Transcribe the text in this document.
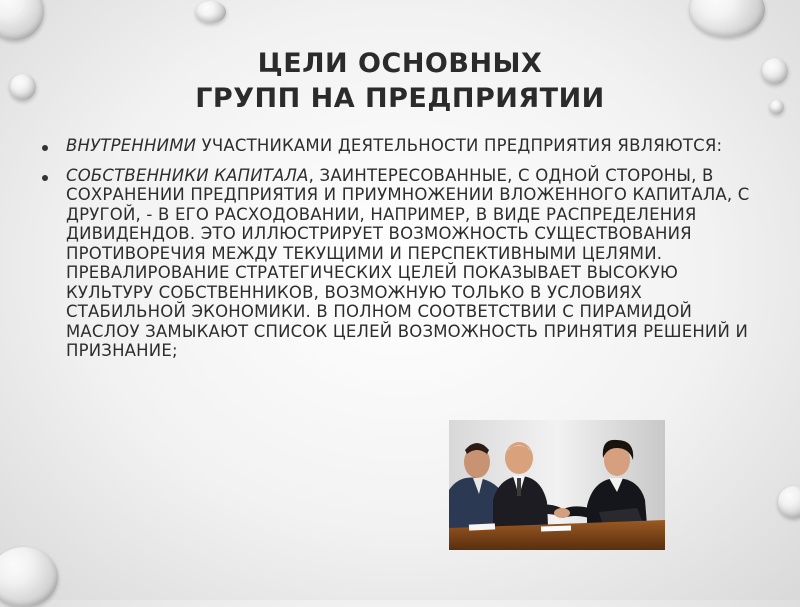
ЦЕЛИ ОСНОВНЫХ
ГРУПП НА ПРЕДПРИЯТИИ

ВНУТРЕННИМИ УЧАСТНИКАМИ ДЕЯТЕЛЬНОСТИ ПРЕДПРИЯТИЯ ЯВЛЯЮТСЯ:

СОБСТВЕННИКИ КАПИТАЛА, ЗАИНТЕРЕСОВАННЫЕ, С ОДНОЙ СТОРОНЫ, В СОХРАНЕНИИ ПРЕДПРИЯТИЯ И ПРИУМНОЖЕНИИ ВЛОЖЕННОГО КАПИТАЛА, С ДРУГОЙ, - В ЕГО РАСХОДОВАНИИ, НАПРИМЕР, В ВИДЕ РАСПРЕДЕЛЕНИЯ ДИВИДЕНДОВ. ЭТО ИЛЛЮСТРИРУЕТ ВОЗМОЖНОСТЬ СУЩЕСТВОВАНИЯ ПРОТИВОРЕЧИЯ МЕЖДУ ТЕКУЩИМИ И ПЕРСПЕКТИВНЫМИ ЦЕЛЯМИ. ПРЕВАЛИРОВАНИЕ СТРАТЕГИЧЕСКИХ ЦЕЛЕЙ ПОКАЗЫВАЕТ ВЫСОКУЮ КУЛЬТУРУ СОБСТВЕННИКОВ, ВОЗМОЖНУЮ ТОЛЬКО В УСЛОВИЯХ СТАБИЛЬНОЙ ЭКОНОМИКИ. В ПОЛНОМ СООТВЕТСТВИИ С ПИРАМИДОЙ МАСЛОУ ЗАМЫКАЮТ СПИСОК ЦЕЛЕЙ ВОЗМОЖНОСТЬ ПРИНЯТИЯ РЕШЕНИЙ И ПРИЗНАНИЕ;
